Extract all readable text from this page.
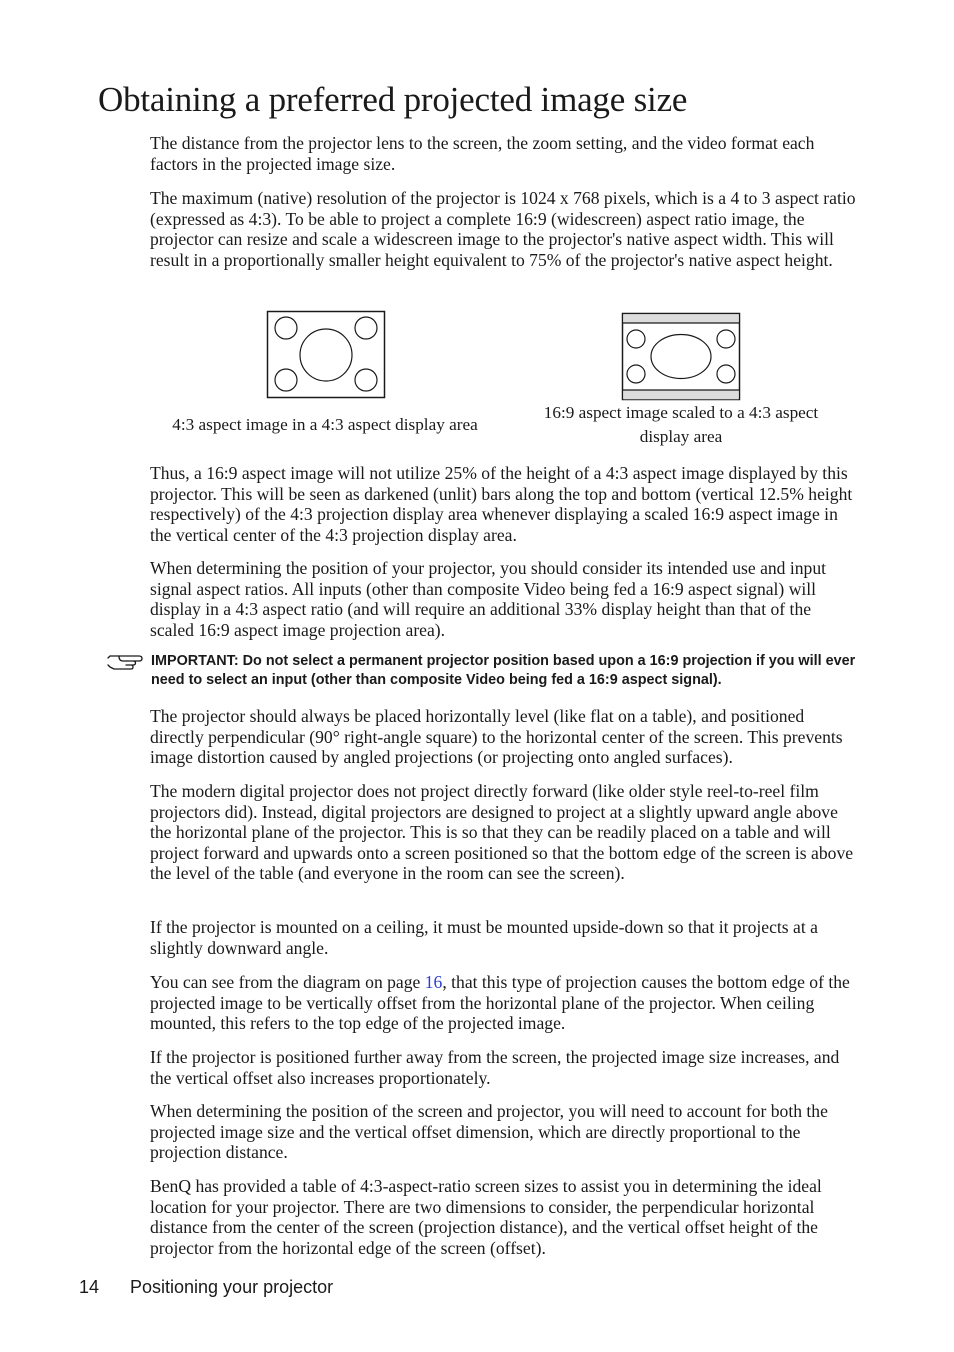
Obtaining a preferred projected image size

The distance from the projector lens to the screen, the zoom setting, and the video format each factors in the projected image size.

The maximum (native) resolution of the projector is 1024 x 768 pixels, which is a 4 to 3 aspect ratio (expressed as 4:3). To be able to project a complete 16:9 (widescreen) aspect ratio image, the projector can resize and scale a widescreen image to the projector's native aspect width. This will result in a proportionally smaller height equivalent to 75% of the projector's native aspect height.

4:3 aspect image in a 4:3 aspect display area

16:9 aspect image scaled to a 4:3 aspect display area

Thus, a 16:9 aspect image will not utilize 25% of the height of a 4:3 aspect image displayed by this projector. This will be seen as darkened (unlit) bars along the top and bottom (vertical 12.5% height respectively) of the 4:3 projection display area whenever displaying a scaled 16:9 aspect image in the vertical center of the 4:3 projection display area.

When determining the position of your projector, you should consider its intended use and input signal aspect ratios. All inputs (other than composite Video being fed a 16:9 aspect signal) will display in a 4:3 aspect ratio (and will require an additional 33% display height than that of the scaled 16:9 aspect image projection area).

IMPORTANT: Do not select a permanent projector position based upon a 16:9 projection if you will ever need to select an input (other than composite Video being fed a 16:9 aspect signal).

The projector should always be placed horizontally level (like flat on a table), and positioned directly perpendicular (90° right-angle square) to the horizontal center of the screen. This prevents image distortion caused by angled projections (or projecting onto angled surfaces).

The modern digital projector does not project directly forward (like older style reel-to-reel film projectors did). Instead, digital projectors are designed to project at a slightly upward angle above the horizontal plane of the projector. This is so that they can be readily placed on a table and will project forward and upwards onto a screen positioned so that the bottom edge of the screen is above the level of the table (and everyone in the room can see the screen).

If the projector is mounted on a ceiling, it must be mounted upside-down so that it projects at a slightly downward angle.

You can see from the diagram on page 16, that this type of projection causes the bottom edge of the projected image to be vertically offset from the horizontal plane of the projector. When ceiling mounted, this refers to the top edge of the projected image.

If the projector is positioned further away from the screen, the projected image size increases, and the vertical offset also increases proportionately.

When determining the position of the screen and projector, you will need to account for both the projected image size and the vertical offset dimension, which are directly proportional to the projection distance.

BenQ has provided a table of 4:3-aspect-ratio screen sizes to assist you in determining the ideal location for your projector. There are two dimensions to consider, the perpendicular horizontal distance from the center of the screen (projection distance), and the vertical offset height of the projector from the horizontal edge of the screen (offset).

14 Positioning your projector
